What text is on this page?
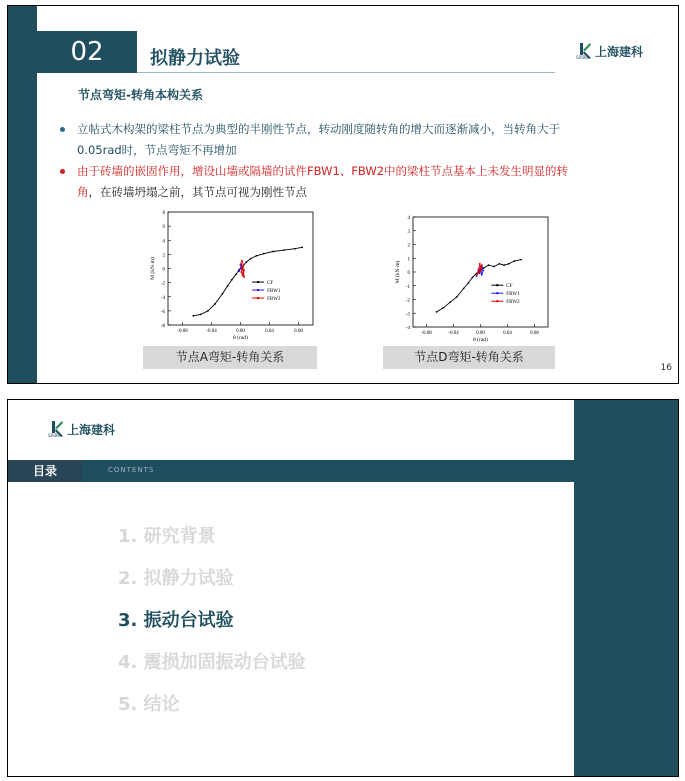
02	拟静力试验	SRIBS 上海建科
节点弯矩-转角本构关系
立帖式木构架的梁柱节点为典型的半刚性节点，转动刚度随转角的增大而逐渐减小，当转角大于
0.05rad时，节点弯矩不再增加
由于砖墙的嵌固作用，增设山墙或隔墙的试件FBW1、FBW2中的梁柱节点基本上未发生明显的转
角，在砖墙坍塌之前，其节点可视为刚性节点
8
6
4
2
0
-2
-4
-6
-8
-0.08	-0.04	0.00	0.04	0.08
θ (rad)
M (kN·m)
CF
FBW1
FBW2
4
3
2
1
0
-1
-2
-3
-4
-0.08	-0.04	0.00	0.04	0.08
θ (rad)
M (kN·m)
CF
FBW1
FBW2
节点A弯矩-转角关系	节点D弯矩-转角关系
16
SRIBS 上海建科
目录	CONTENTS
1. 研究背景
2. 拟静力试验
3. 振动台试验
4. 震损加固振动台试验
5. 结论
